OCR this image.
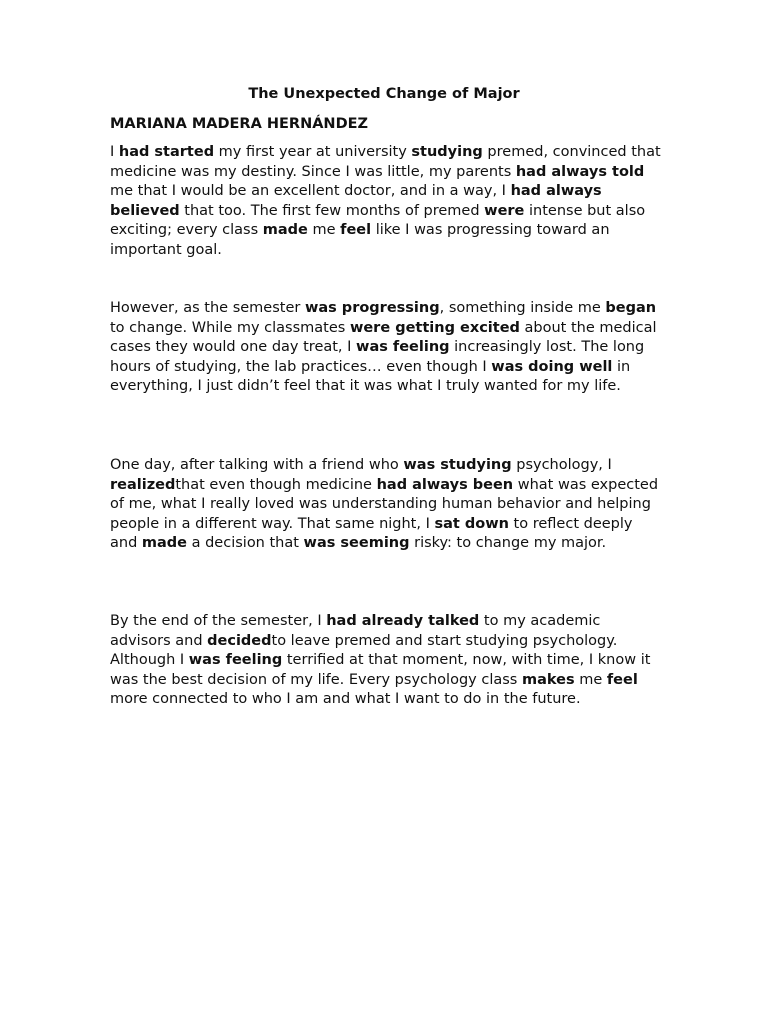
The Unexpected Change of Major
MARIANA MADERA HERNÁNDEZ

I had started my first year at university studying premed, convinced that medicine was my destiny. Since I was little, my parents had always told me that I would be an excellent doctor, and in a way, I had always believed that too. The first few months of premed were intense but also exciting; every class made me feel like I was progressing toward an important goal.

However, as the semester was progressing, something inside me began to change. While my classmates were getting excited about the medical cases they would one day treat, I was feeling increasingly lost. The long hours of studying, the lab practices… even though I was doing well in everything, I just didn’t feel that it was what I truly wanted for my life.

One day, after talking with a friend who was studying psychology, I realizedthat even though medicine had always been what was expected of me, what I really loved was understanding human behavior and helping people in a different way. That same night, I sat down to reflect deeply and made a decision that was seeming risky: to change my major.

By the end of the semester, I had already talked to my academic advisors and decidedto leave premed and start studying psychology. Although I was feeling terrified at that moment, now, with time, I know it was the best decision of my life. Every psychology class makes me feel more connected to who I am and what I want to do in the future.
